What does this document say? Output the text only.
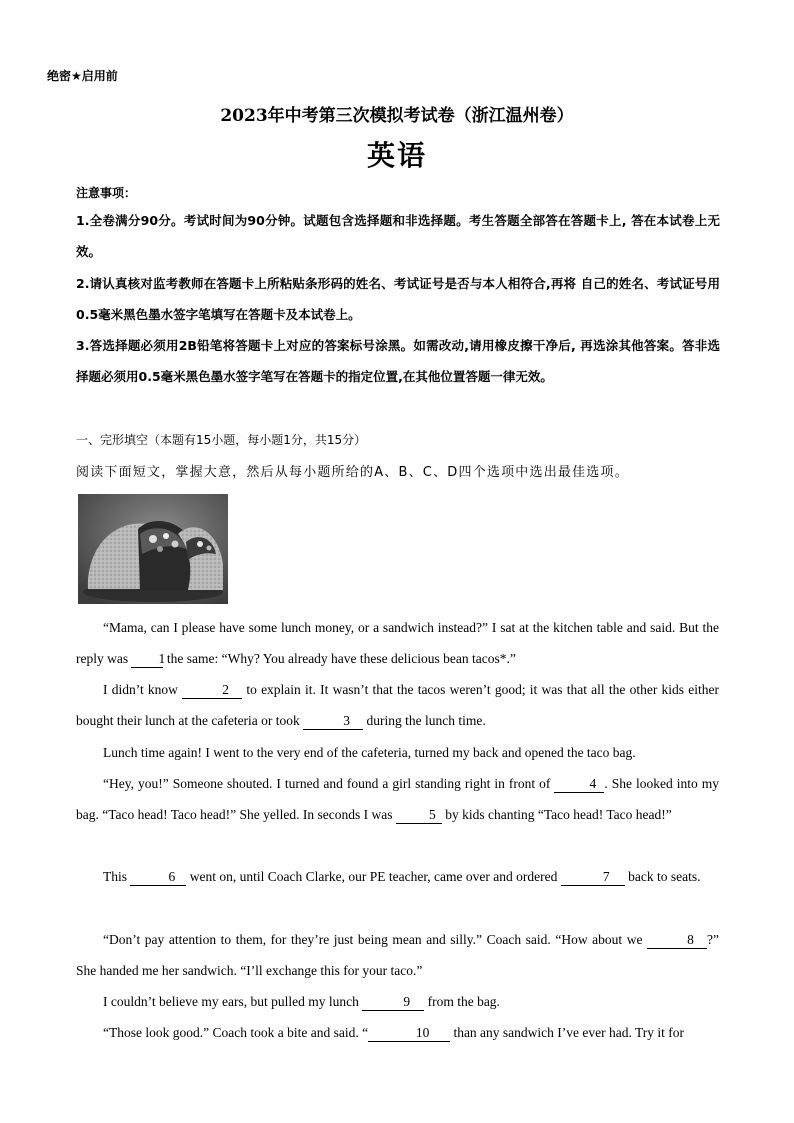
绝密★启用前
2023年中考第三次模拟考试卷（浙江温州卷）
英语
注意事项：
1.全卷满分90分。考试时间为90分钟。试题包含选择题和非选择题。考生答题全部答在答题卡上, 答在本试卷上无效。
2.请认真核对监考教师在答题卡上所粘贴条形码的姓名、考试证号是否与本人相符合,再将 自己的姓名、考试证号用0.5毫米黑色墨水签字笔填写在答题卡及本试卷上。
3.答选择题必须用2B铅笔将答题卡上对应的答案标号涂黑。如需改动,请用橡皮擦干净后, 再选涂其他答案。答非选择题必须用0.5毫米黑色墨水签字笔写在答题卡的指定位置,在其他位置答题一律无效。
一、完形填空（本题有15小题，每小题1分，共15分）
阅读下面短文，掌握大意，然后从每小题所给的A、B、C、D四个选项中选出最佳选项。
“Mama, can I please have some lunch money, or a sandwich instead?” I sat at the kitchen table and said. But the reply was 1 the same: “Why? You already have these delicious bean tacos*.”
I didn’t know	2 to explain it. It wasn’t that the tacos weren’t good; it was that all the other kids either bought their lunch at the cafeteria or took	3 during the lunch time.
Lunch time again! I went to the very end of the cafeteria, turned my back and opened the taco bag.
“Hey, you!” Someone shouted. I turned and found a girl standing right in front of	4 . She looked into my bag. “Taco head! Taco head!” She yelled. In seconds I was 5 by kids chanting “Taco head! Taco head!”
This	6 went on, until Coach Clarke, our PE teacher, came over and ordered	7 back to seats.
“Don’t pay attention to them, for they’re just being mean and silly.” Coach said. “How about we	8 ?” She handed me her sandwich. “I’ll exchange this for your taco.”
I couldn’t believe my ears, but pulled my lunch	9 from the bag.
“Those look good.” Coach took a bite and said. “	10 than any sandwich I’ve ever had. Try it for
